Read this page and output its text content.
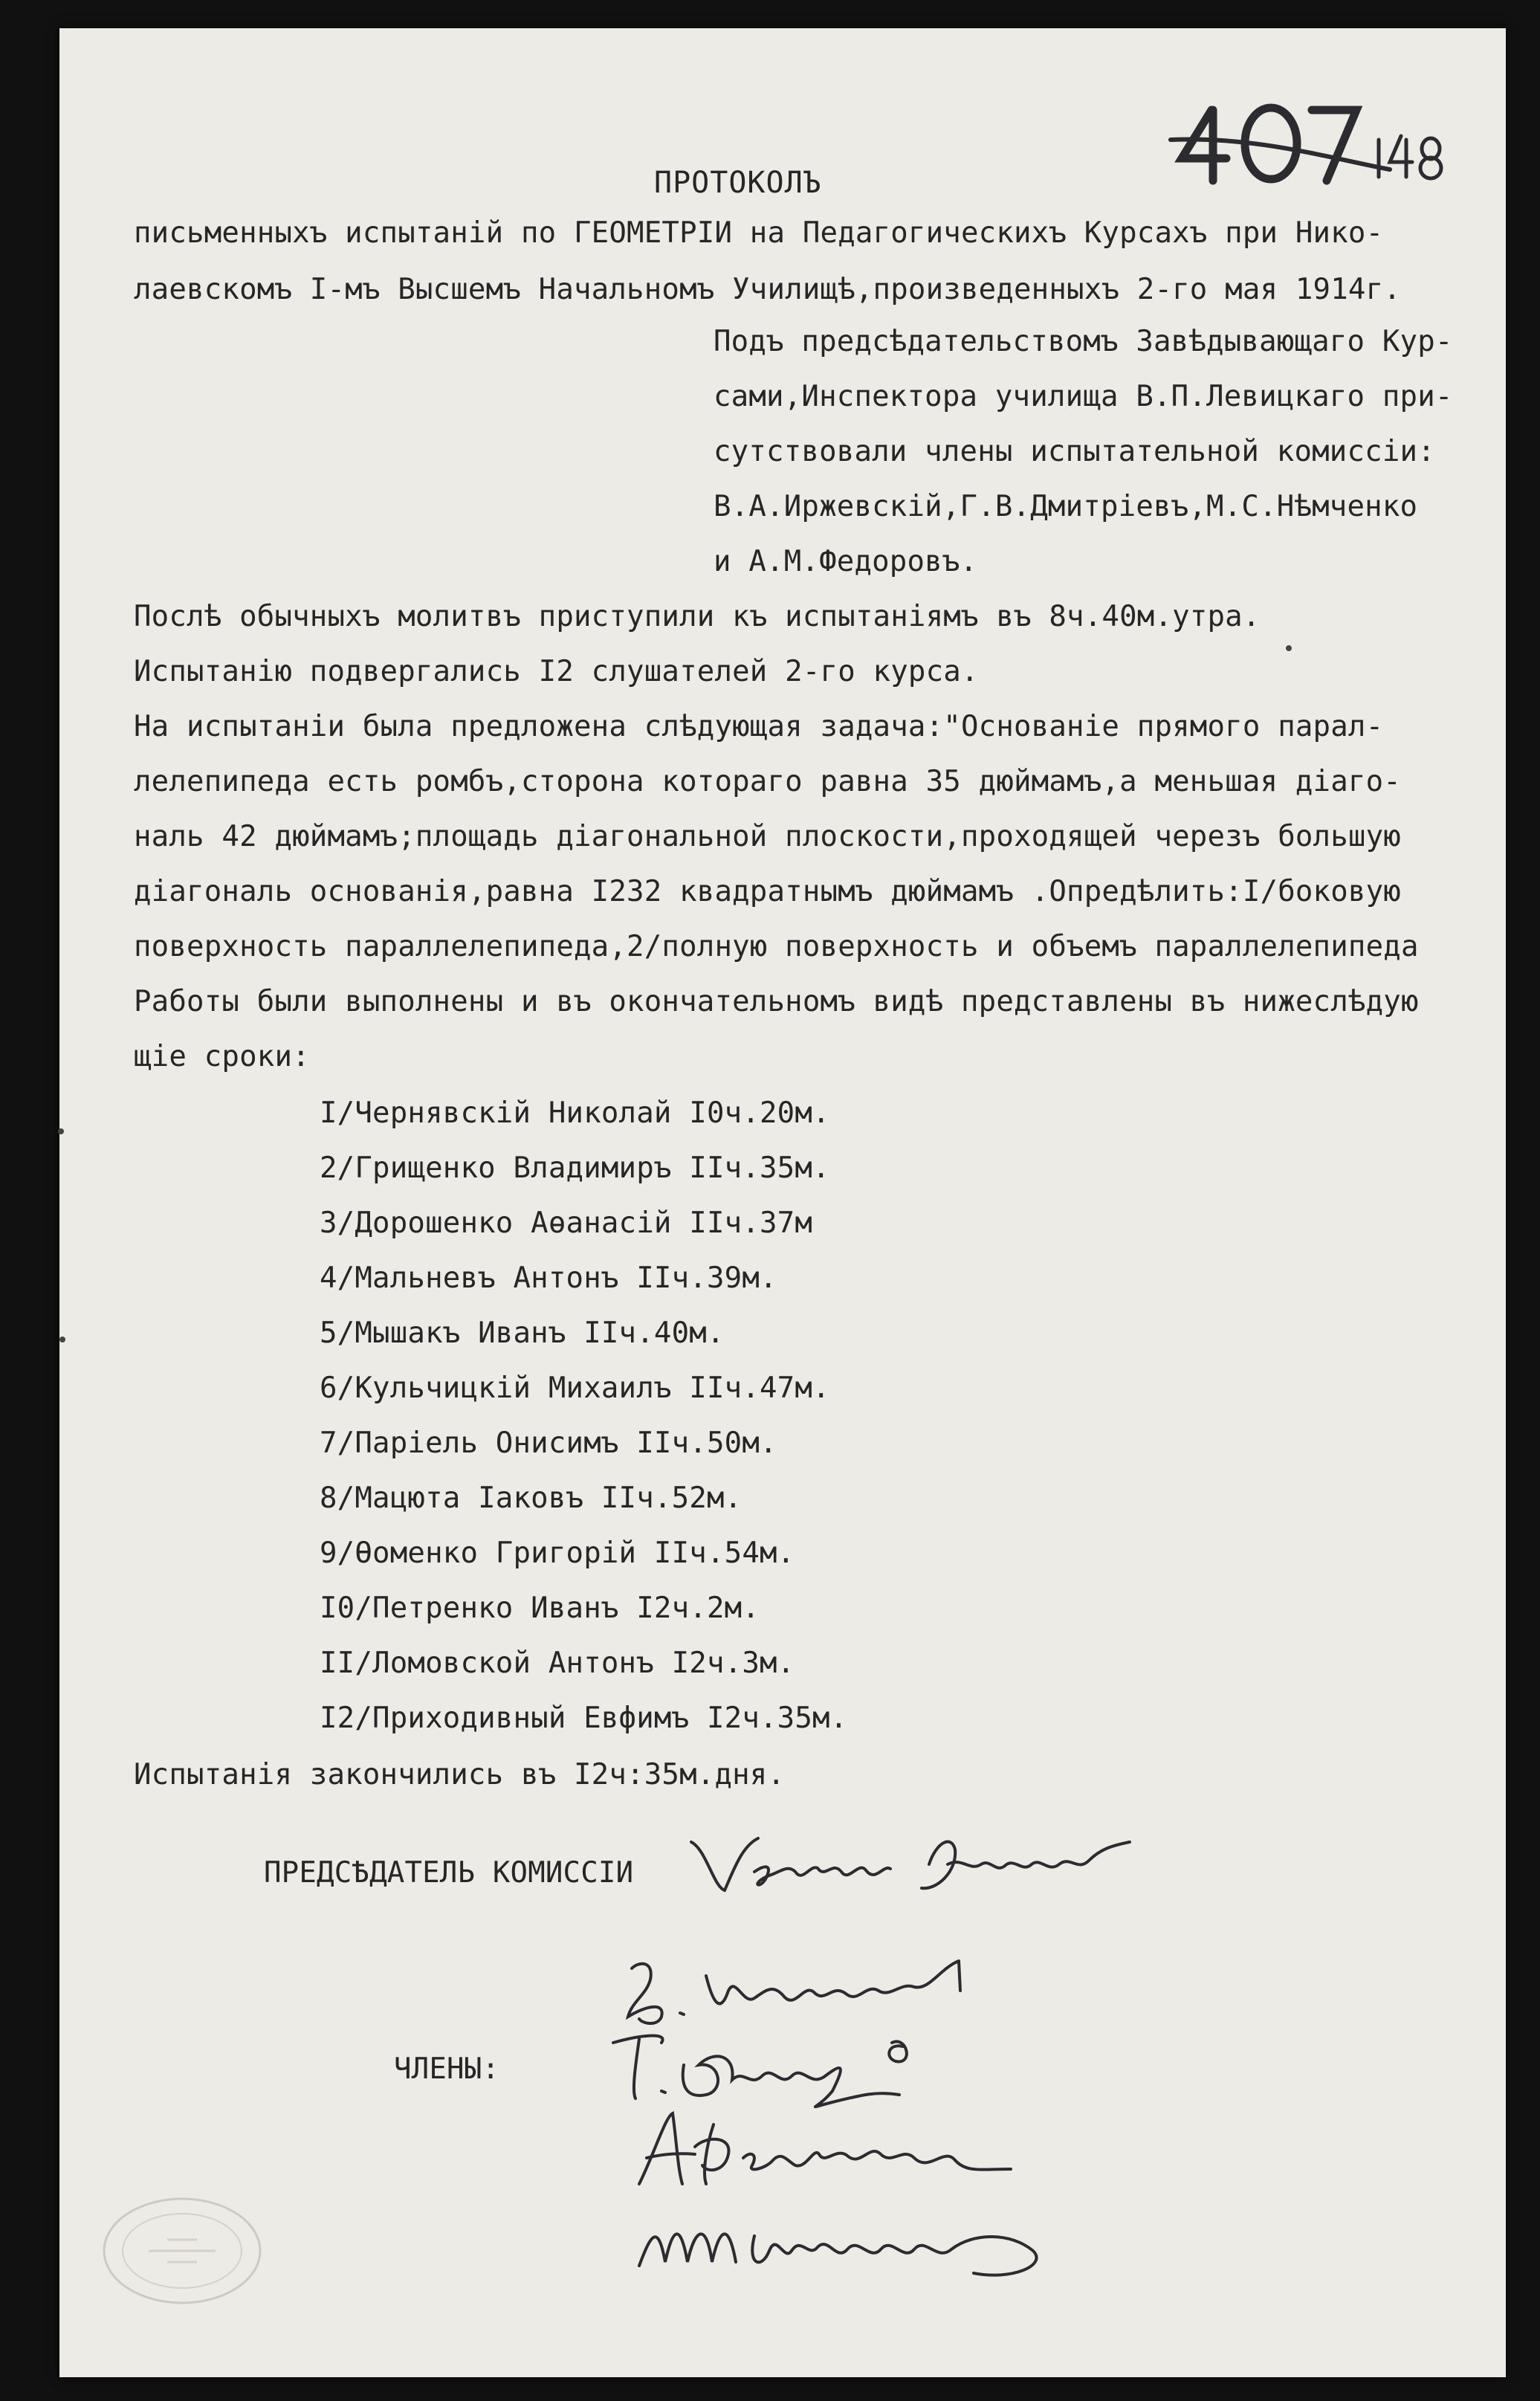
ПРОТОКОЛЪ
письменныхъ испытаній по ГЕОМЕТРІИ на Педагогическихъ Курсахъ при Нико-
лаевскомъ І-мъ Высшемъ Начальномъ Училищѣ,произведенныхъ 2-го мая 1914г.
Подъ предсѣдательствомъ Завѣдывающаго Кур-
сами,Инспектора училища В.П.Левицкаго при-
сутствовали члены испытательной комиссіи:
В.А.Иржевскій,Г.В.Дмитріевъ,М.С.Нѣмченко
и А.М.Федоровъ.
Послѣ обычныхъ молитвъ приступили къ испытаніямъ въ 8ч.40м.утра.
Испытанію подвергались І2 слушателей 2-го курса.
На испытаніи была предложена слѣдующая задача:"Основаніе прямого парал-
лелепипеда есть ромбъ,сторона котораго равна 35 дюймамъ,а меньшая діаго-
наль 42 дюймамъ;площадь діагональной плоскости,проходящей черезъ большую
діагональ основанія,равна І232 квадратнымъ дюймамъ .Опредѣлить:І/боковую
поверхность параллелепипеда,2/полную поверхность и объемъ параллелепипеда
Работы были выполнены и въ окончательномъ видѣ представлены въ нижеслѣдую
щіе сроки:
І/Чернявскій Николай І0ч.20м.
2/Грищенко Владимиръ ІІч.35м.
3/Дорошенко Аѳанасій ІІч.37м
4/Мальневъ Антонъ ІІч.39м.
5/Мышакъ Иванъ ІІч.40м.
6/Кульчицкій Михаилъ ІІч.47м.
7/Паріель Онисимъ ІІч.50м.
8/Мацюта Іаковъ ІІч.52м.
9/Ѳоменко Григорій ІІч.54м.
І0/Петренко Иванъ І2ч.2м.
ІІ/Ломовской Антонъ І2ч.3м.
І2/Приходивный Евфимъ І2ч.35м.
Испытанія закончились въ І2ч:35м.дня.
ПРЕДСѢДАТЕЛЬ КОМИССІИ
ЧЛЕНЫ:
